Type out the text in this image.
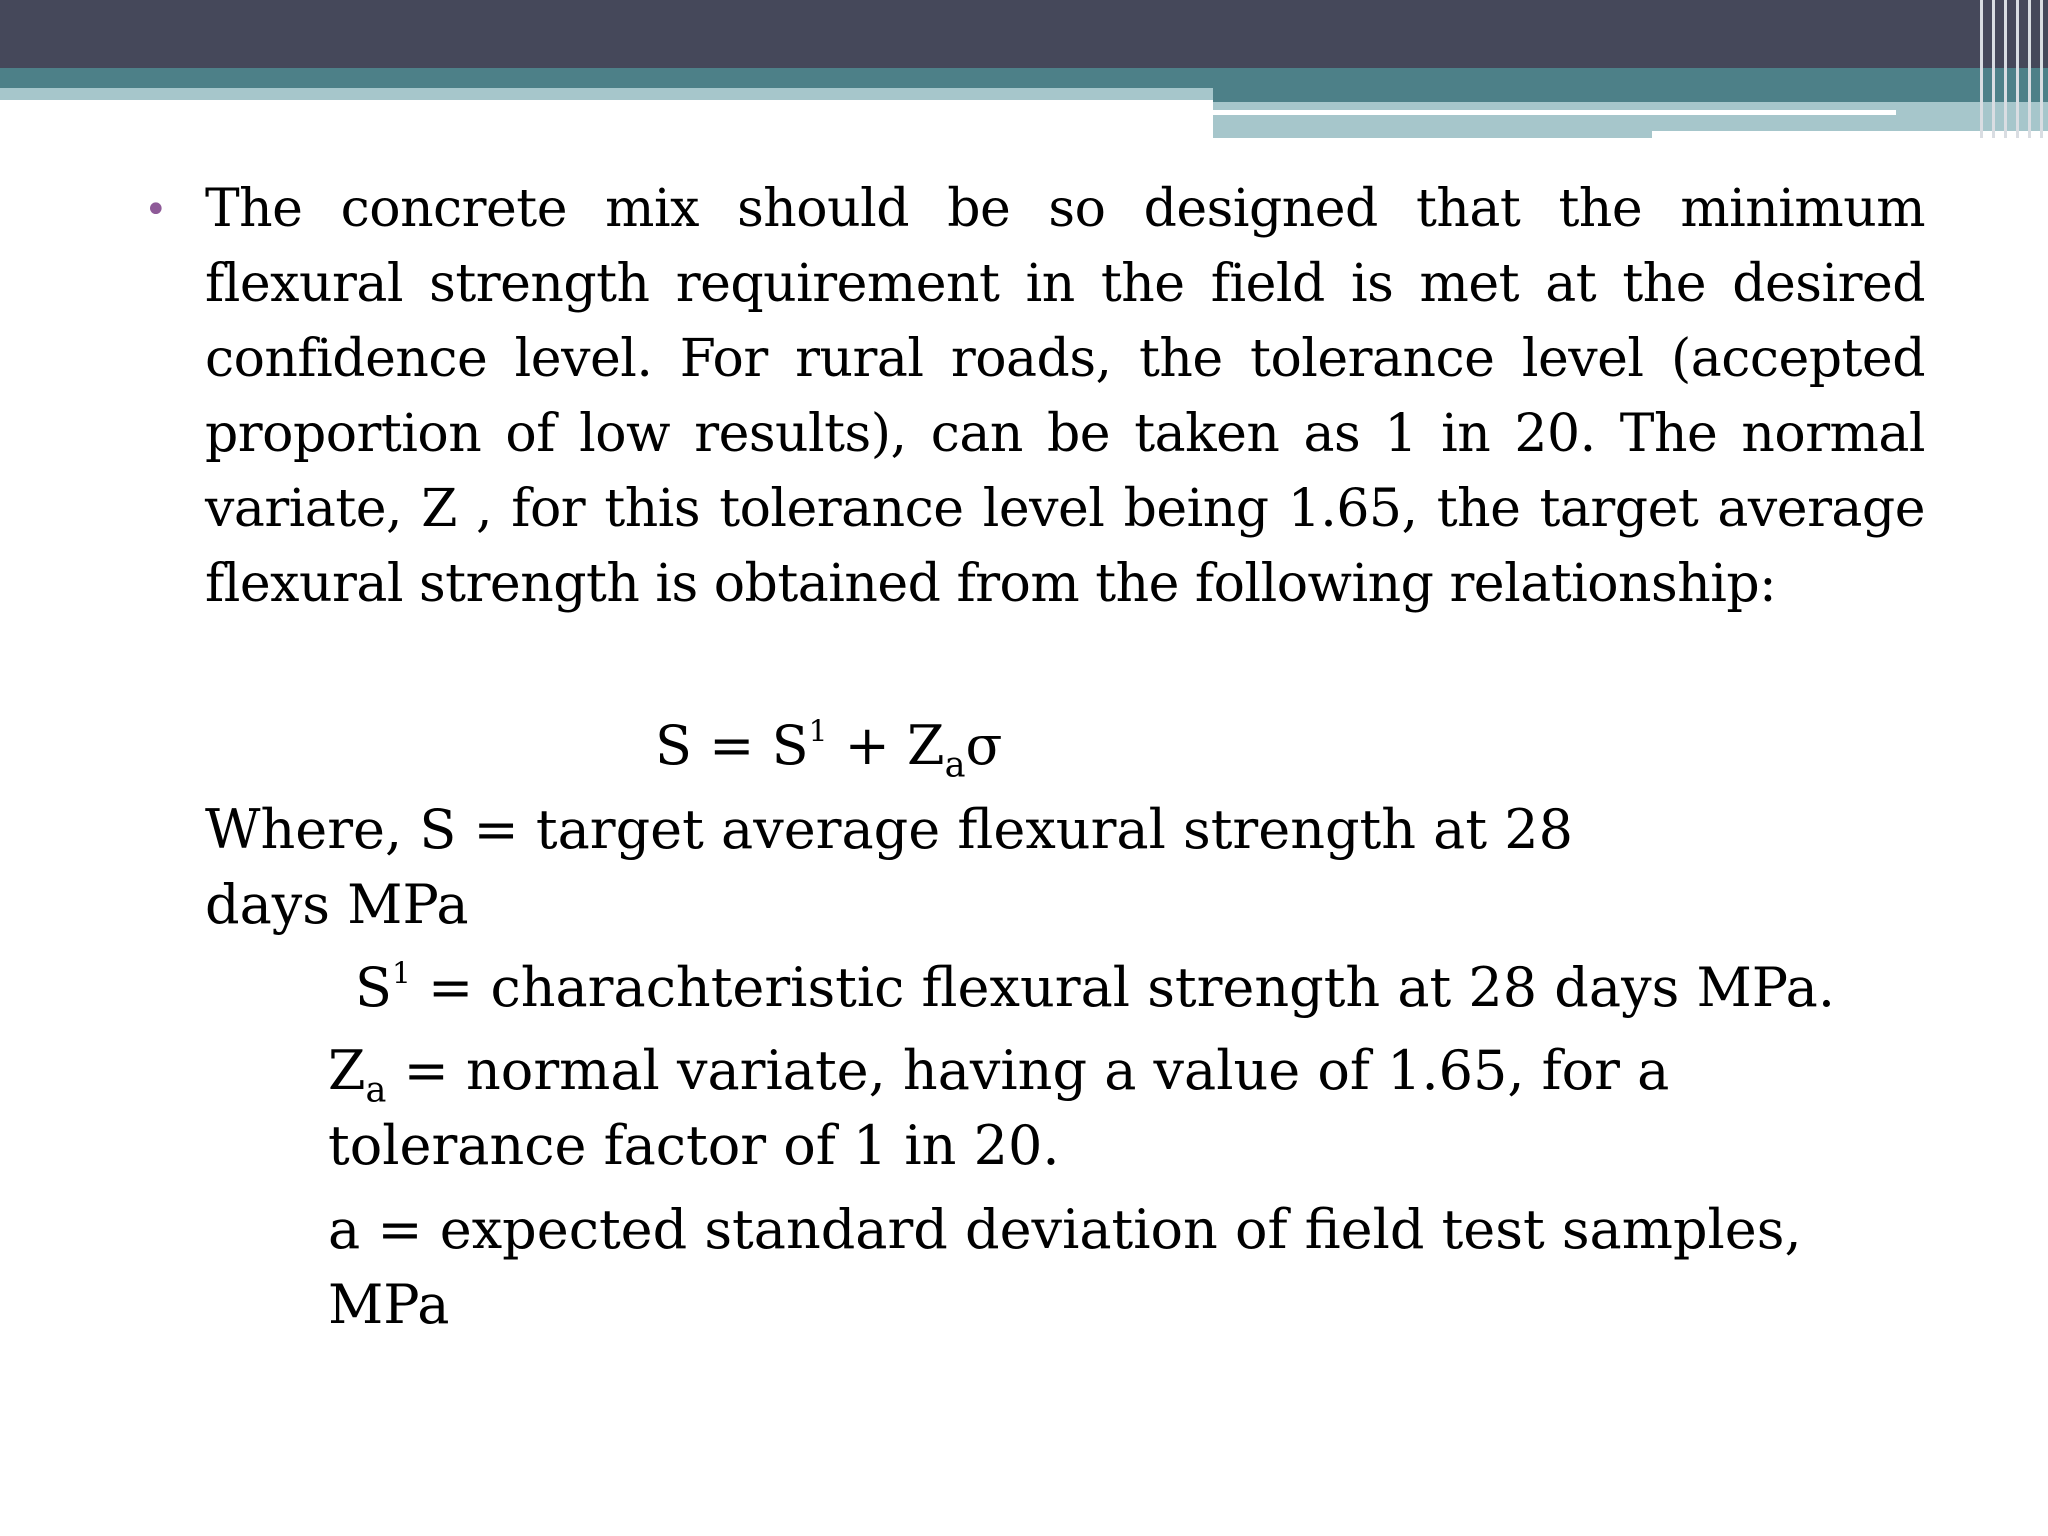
• The concrete mix should be so designed that the minimum flexural strength requirement in the field is met at the desired confidence level. For rural roads, the tolerance level (accepted proportion of low results), can be taken as 1 in 20. The normal variate, Z , for this tolerance level being 1.65, the target average flexural strength is obtained from the following relationship:
$S = S^1 + Z_a\sigma$
Where, S = target average flexural strength at 28 days MPa
$S^1$ = charachteristic flexural strength at 28 days MPa.
$Z_a$ = normal variate, having a value of 1.65, for a tolerance factor of 1 in 20.
a = expected standard deviation of field test samples, MPa
